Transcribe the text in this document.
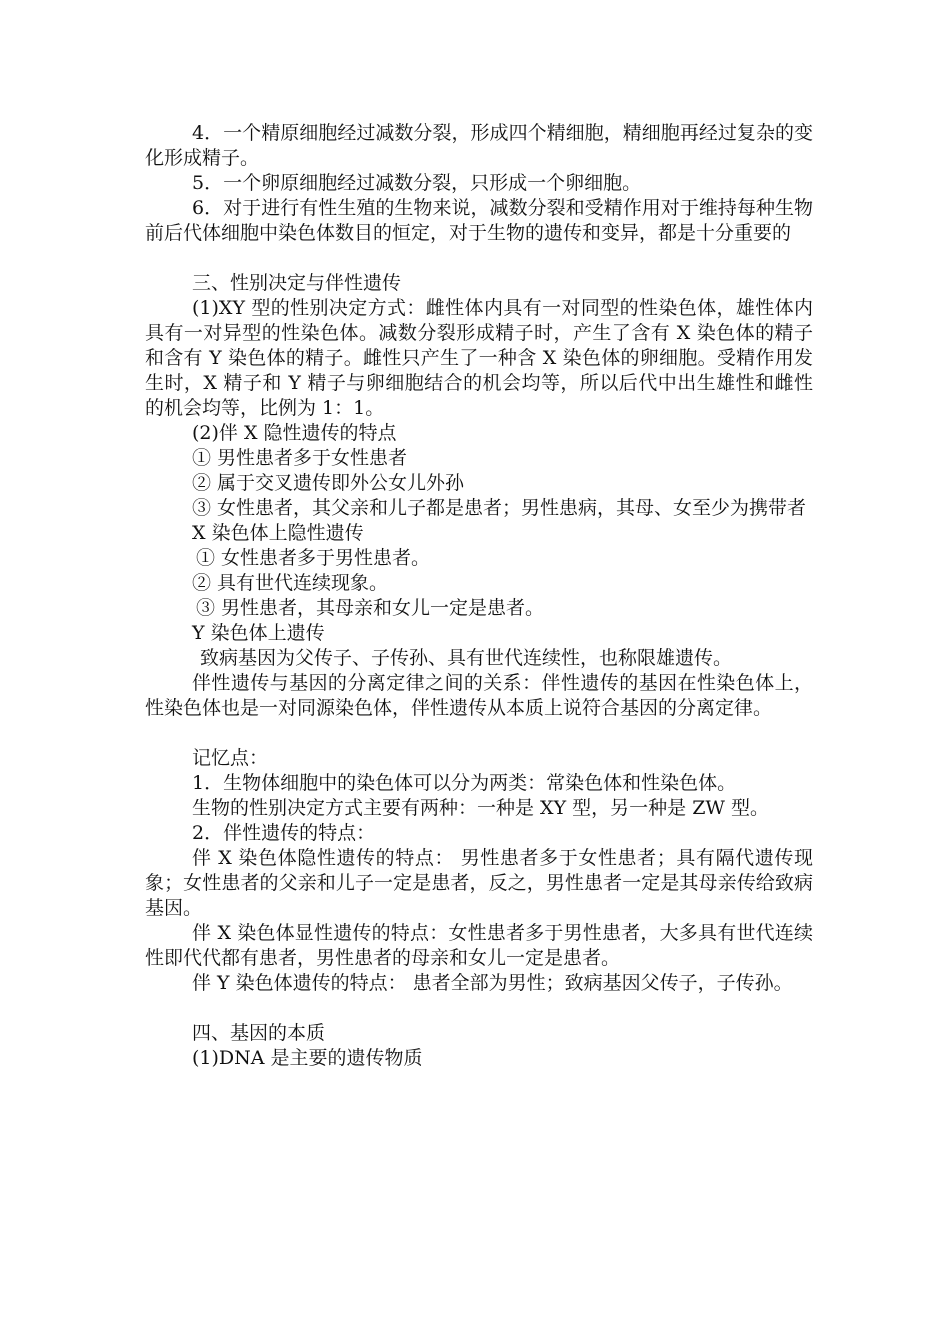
4．一个精原细胞经过减数分裂，形成四个精细胞，精细胞再经过复杂的变化形成精子。

5．一个卵原细胞经过减数分裂，只形成一个卵细胞。

6．对于进行有性生殖的生物来说，减数分裂和受精作用对于维持每种生物前后代体细胞中染色体数目的恒定，对于生物的遗传和变异，都是十分重要的

三、性别决定与伴性遗传

(1)XY 型的性别决定方式：雌性体内具有一对同型的性染色体，雄性体内具有一对异型的性染色体。减数分裂形成精子时，产生了含有 X 染色体的精子和含有 Y 染色体的精子。雌性只产生了一种含 X 染色体的卵细胞。受精作用发生时，X 精子和 Y 精子与卵细胞结合的机会均等，所以后代中出生雄性和雌性的机会均等，比例为 1：1。

(2)伴 X 隐性遗传的特点

① 男性患者多于女性患者

② 属于交叉遗传即外公女儿外孙

③ 女性患者，其父亲和儿子都是患者；男性患病，其母、女至少为携带者

X 染色体上隐性遗传

① 女性患者多于男性患者。

② 具有世代连续现象。

③ 男性患者，其母亲和女儿一定是患者。

Y 染色体上遗传

致病基因为父传子、子传孙、具有世代连续性，也称限雄遗传。

伴性遗传与基因的分离定律之间的关系：伴性遗传的基因在性染色体上，性染色体也是一对同源染色体，伴性遗传从本质上说符合基因的分离定律。

记忆点：

1．生物体细胞中的染色体可以分为两类：常染色体和性染色体。

生物的性别决定方式主要有两种：一种是 XY 型，另一种是 ZW 型。

2．伴性遗传的特点：

伴 X 染色体隐性遗传的特点： 男性患者多于女性患者；具有隔代遗传现象；女性患者的父亲和儿子一定是患者，反之，男性患者一定是其母亲传给致病基因。

伴 X 染色体显性遗传的特点：女性患者多于男性患者，大多具有世代连续性即代代都有患者，男性患者的母亲和女儿一定是患者。

伴 Y 染色体遗传的特点： 患者全部为男性；致病基因父传子，子传孙。

四、基因的本质

(1)DNA 是主要的遗传物质
